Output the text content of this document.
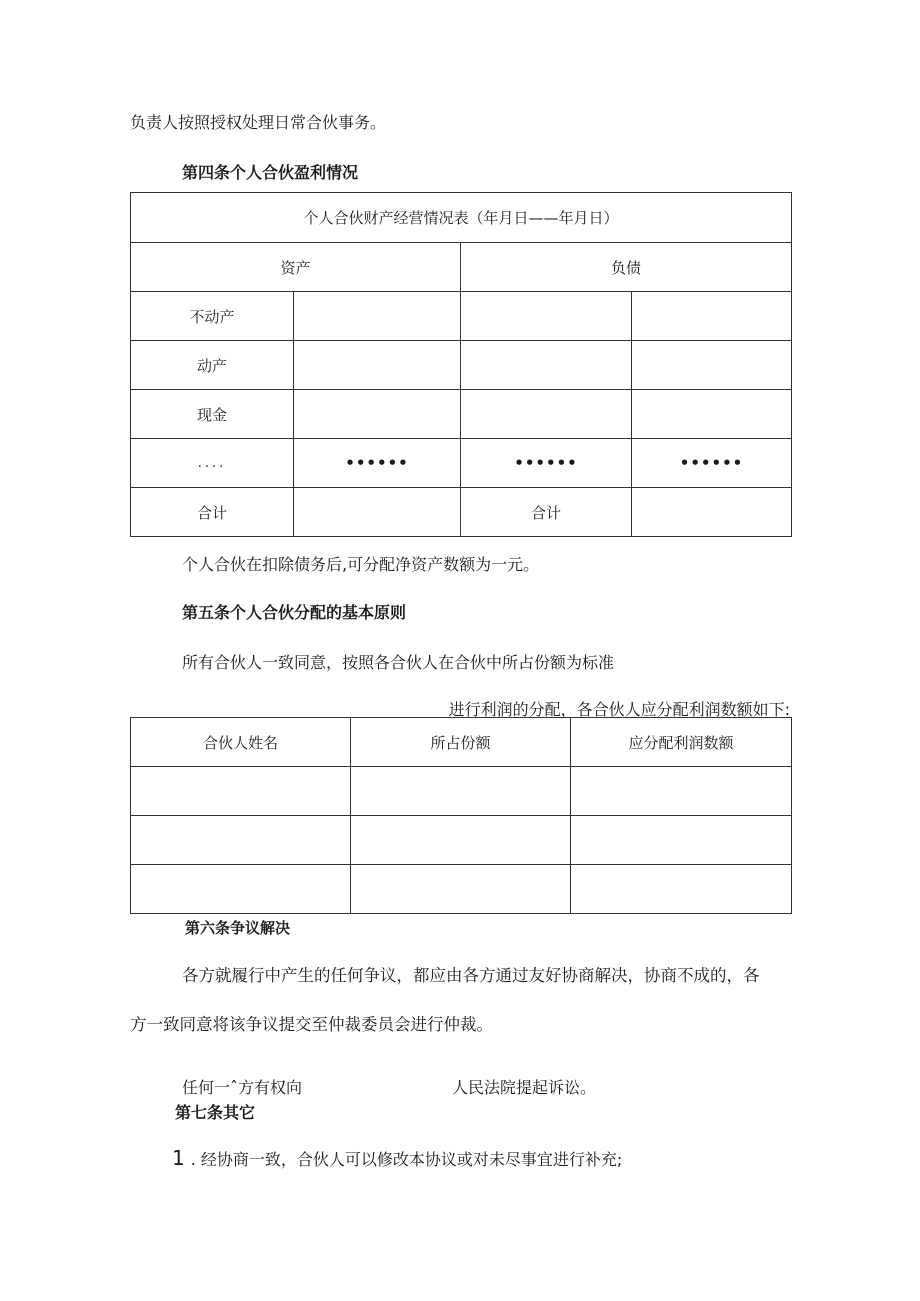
负责人按照授权处理日常合伙事务。
第四条个人合伙盈利情况
个人合伙财产经营情况表（年月日——年月日）			
资产		负债	
不动产			
动产			
现金			
....	••••••	••••••	••••••
合计		合计	
个人合伙在扣除债务后,可分配净资产数额为一元。
第五条个人合伙分配的基本原则
所有合伙人一致同意，按照各合伙人在合伙中所占份额为标准
进行利润的分配，各合伙人应分配利润数额如下:
合伙人姓名	所占份额	应分配利润数额

第六条争议解决
各方就履行中产生的任何争议，都应由各方通过友好协商解决，协商不成的，各
方一致同意将该争议提交至仲裁委员会进行仲裁。
任何一ˆ方有权向	人民法院提起诉讼。
第七条其它
1 . 经协商一致，合伙人可以修改本协议或对未尽事宜进行补充;
